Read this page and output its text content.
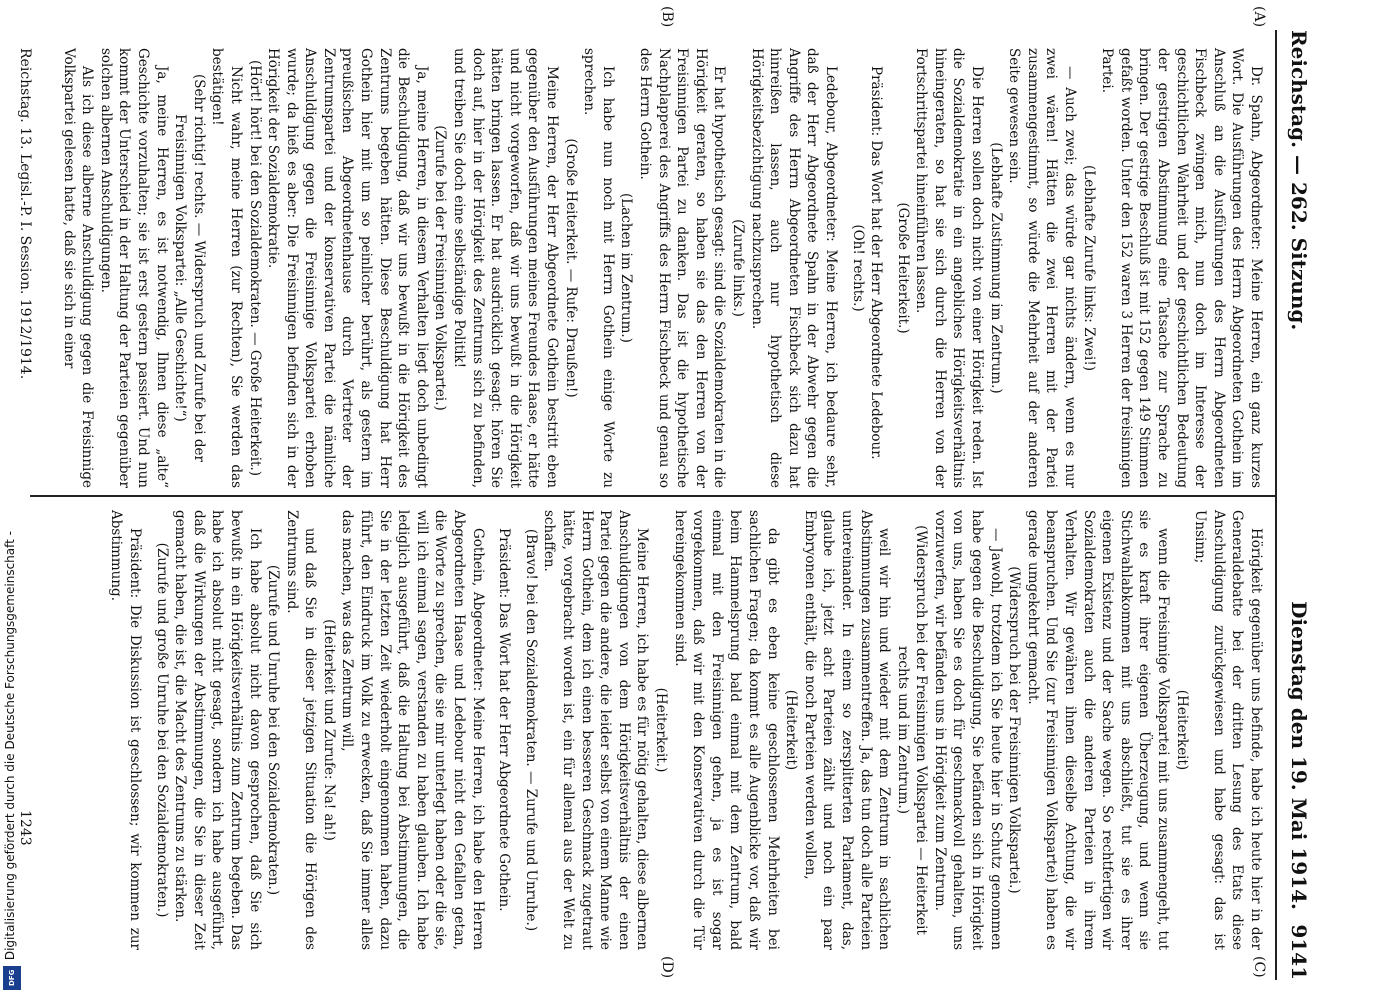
Reichstag. — 262. Sitzung.
Dienstag den 19. Mai 1914.
9141
(A)
(B)
(C)
(D)

Dr. Spahn, Abgeordneter: Meine Herren, ein ganz kurzes Wort. Die Ausführungen des Herrn Abgeordneten Gothein im Anschluß an die Ausführungen des Herrn Abgeordneten Fischbeck zwingen mich, nun doch im Interesse der geschichtlichen Wahrheit und der geschichtlichen Bedeutung der gestrigen Abstimmung eine Tatsache zur Sprache zu bringen. Der gestrige Beschluß ist mit 152 gegen 149 Stimmen gefaßt worden. Unter den 152 waren 3 Herren der freisinnigen Partei.

(Lebhafte Zurufe links: Zwei!)

— Auch zwei; das würde gar nichts ändern, wenn es nur zwei wären! Hätten die zwei Herren mit der Partei zusammengestimmt, so würde die Mehrheit auf der anderen Seite gewesen sein.

(Lebhafte Zustimmung im Zentrum.)

Die Herren sollen doch nicht von einer Hörigkeit reden. Ist die Sozialdemokratie in ein angebliches Hörigkeitsverhältnis hineingeraten, so hat sie sich durch die Herren von der Fortschrittspartei hineinführen lassen.

(Große Heiterkeit.)

Präsident: Das Wort hat der Herr Abgeordnete Ledebour.

(Oh! rechts.)

Ledebour, Abgeordneter: Meine Herren, ich bedaure sehr, daß der Herr Abgeordnete Spahn in der Abwehr gegen die Angriffe des Herrn Abgeordneten Fischbeck sich dazu hat hinreißen lassen, auch nur hypothetisch diese Hörigkeitsbezichtigung nachzusprechen.

(Zurufe links.)

Er hat hypothetisch gesagt: sind die Sozialdemokraten in die Hörigkeit geraten, so haben sie das den Herren von der Freisinnigen Partei zu danken. Das ist die hypothetische Nachplapperei des Angriffs des Herrn Fischbeck und genau so des Herrn Gothein.

(Lachen im Zentrum.)

Ich habe nun noch mit Herrn Gothein einige Worte zu sprechen.

(Große Heiterkeit. — Rufe: Draußen!)

Meine Herren, der Herr Abgeordnete Gothein bestritt eben gegenüber den Ausführungen meines Freundes Haase, er hätte und nicht vorgeworfen, daß wir uns bewußt in die Hörigkeit hätten bringen lassen. Er hat ausdrücklich gesagt: hören Sie doch auf, hier in der Hörigkeit des Zentrums sich zu befinden, und treiben Sie doch eine selbständige Politik!

(Zurufe bei der Freisinnigen Volkspartei.)

Ja, meine Herren, in diesem Verhalten liegt doch unbedingt die Beschuldigung, daß wir uns bewußt in die Hörigkeit des Zentrums begeben hätten. Diese Beschuldigung hat Herr Gothein hier mit um so peinlicher berührt, als gestern im preußischen Abgeordnetenhause durch Vertreter der Zentrumspartei und der konservativen Partei die nämliche Anschuldigung gegen die Freisinnige Volkspartei erhoben wurde; da hieß es aber: Die Freisinnigen befinden sich in der Hörigkeit der Sozialdemokratie.

(Hört! hört! bei den Sozialdemokraten. — Große Heiterkeit.)

Nicht wahr, meine Herren (zur Rechten), Sie werden das bestätigen!

(Sehr richtig! rechts. — Widerspruch und Zurufe bei der Freisinnigen Volkspartei: „Alle Geschichte!“)

Ja, meine Herren, es ist notwendig, Ihnen diese „alte“ Geschichte vorzuhalten; sie ist erst gestern passiert. Und nun kommt der Unterschied in der Haltung der Parteien gegenüber solchen albernen Anschuldigungen.

Als ich diese alberne Anschuldigung gegen die Freisinnige Volkspartei gelesen hatte, daß sie sich in einer

Hörigkeit gegenüber uns befinde, habe ich heute hier in der Generaldebatte bei der dritten Lesung des Etats diese Anschuldigung zurückgewiesen und habe gesagt: das ist Unsinn;

(Heiterkeit)

wenn die Freisinnige Volkspartei mit uns zusammengeht, tut sie es kraft ihrer eigenen Überzeugung, und wenn sie Stichwahlabkommen mit uns abschließt, tut sie es ihrer eigenen Existenz und der Sache wegen. So rechtfertigen wir Sozialdemokraten auch die anderen Parteien in ihrem Verhalten. Wir gewähren ihnen dieselbe Achtung, die wir beanspruchen. Und Sie (zur Freisinnigen Volkspartei) haben es gerade umgekehrt gemacht.

(Widerspruch bei der Freisinnigen Volkspartei.)

— Jawohl, trotzdem ich Sie heute hier in Schutz genommen habe gegen die Beschuldigung, Sie befänden sich in Hörigkeit von uns, haben Sie es doch für geschmackvoll gehalten, uns vorzuwerfen, wir befänden uns in Hörigkeit zum Zentrum.

(Widerspruch bei der Freisinnigen Volkspartei — Heiterkeit rechts und im Zentrum.)

weil wir hin und wieder mit dem Zentrum in sachlichen Abstimmungen zusammentreffen. Ja, das tun doch alle Parteien untereinander. In einem so zersplitterten Parlament, das, glaube ich, jetzt acht Parteien zählt und noch ein paar Embryonen enthält, die noch Parteien werden wollen,

(Heiterkeit)

da gibt es eben keine geschlossenen Mehrheiten bei sachlichen Fragen; da kommt es alle Augenblicke vor, daß wir beim Hammelsprung bald einmal mit dem Zentrum, bald einmal mit den Freisinnigen gehen, ja es ist sogar vorgekommen, daß wir mit den Konservativen durch die Tür hereingekommen sind.

(Heiterkeit.)

Meine Herren, ich habe es für nötig gehalten, diese albernen Anschuldigungen von dem Hörigkeitsverhältnis der einen Partei gegen die andere, die leider selbst von einem Manne wie Herrn Gothein, dem ich einen besseren Geschmack zugetraut hätte, vorgebracht worden ist, ein für allemal aus der Welt zu schaffen.

(Bravo! bei den Sozialdemokraten. — Zurufe und Unruhe.)

Präsident: Das Wort hat der Herr Abgeordnete Gothein.

Gothein, Abgeordneter: Meine Herren, ich habe den Herren Abgeordneten Haase und Ledebour nicht den Gefallen getan, die Worte zu sprechen, die sie mir unterlegt haben oder die sie, will ich einmal sagen, verstanden zu haben glauben. Ich habe lediglich ausgeführt, daß die Haltung bei Abstimmungen, die Sie in der letzten Zeit wiederholt eingenommen haben, dazu führt, den Eindruck im Volk zu erwecken, daß Sie immer alles das machen, was das Zentrum will,

(Heiterkeit und Zurufe: Na! ah!)

und daß Sie in dieser jetzigen Situation die Hörigen des Zentrums sind.

(Zurufe und Unruhe bei den Sozialdemokraten.)

Ich habe absolut nicht davon gesprochen, daß Sie sich bewußt in ein Hörigkeitsverhältnis zum Zentrum begeben. Das habe ich absolut nicht gesagt, sondern ich habe ausgeführt, daß die Wirkungen der Abstimmungen, die Sie in dieser Zeit gemacht haben, die ist, die Macht des Zentrums zu stärken.

(Zurufe und große Unruhe bei den Sozialdemokraten.)

Präsident: Die Diskussion ist geschlossen; wir kommen zur Abstimmung.

Reichstag. 13. Legisl.-P. I. Session. 1912/1914.
1243
Digitalisierung gefördert durch die Deutsche Forschungsgemeinschaft -
DFG
